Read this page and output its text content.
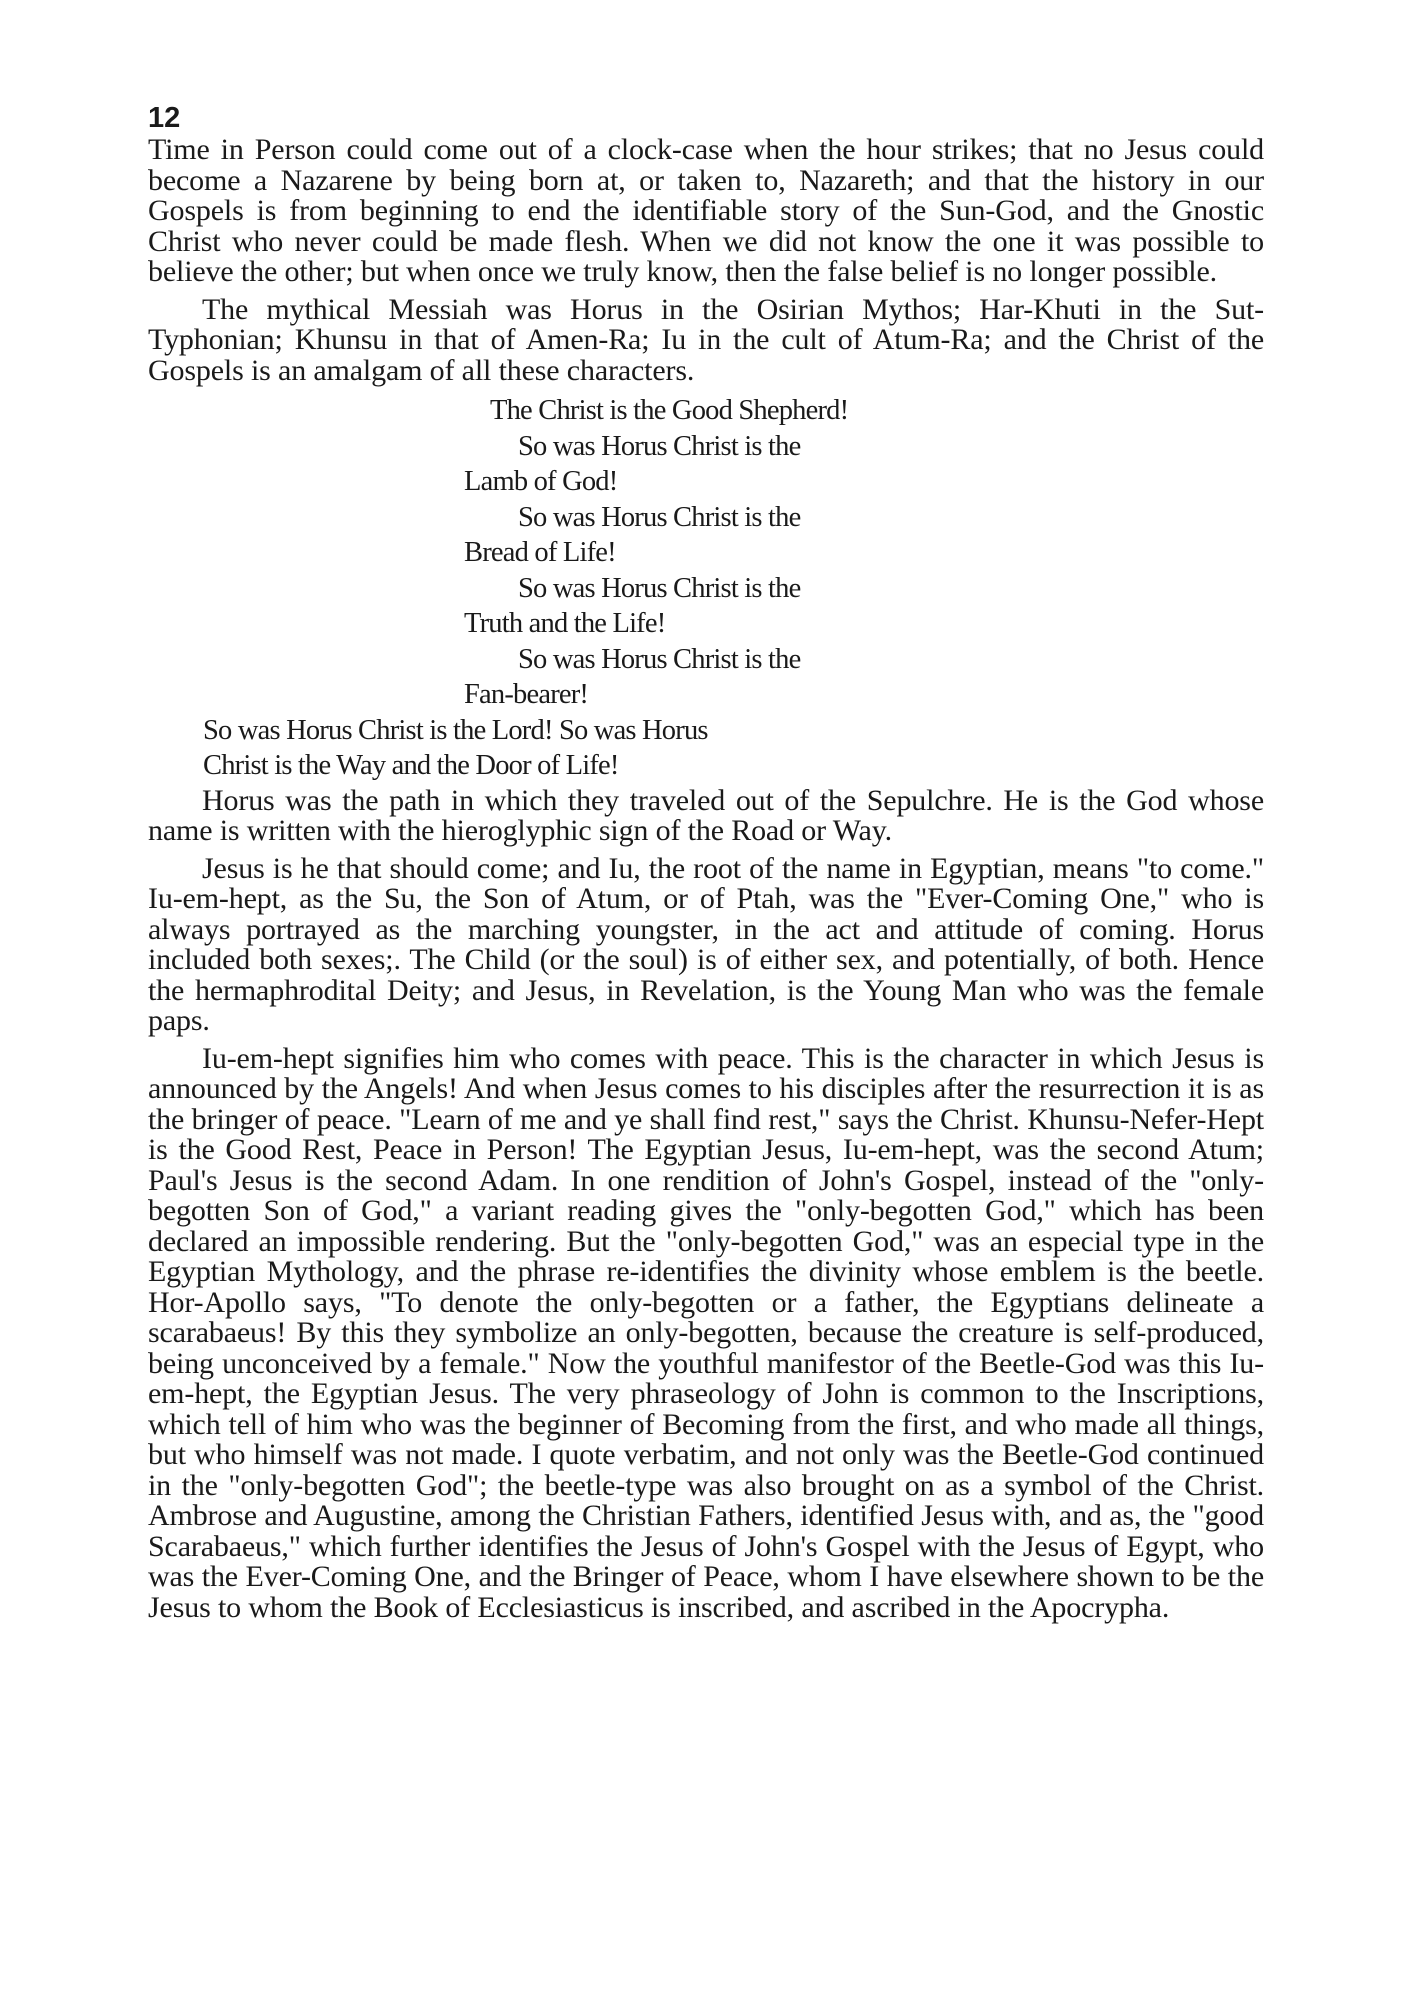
12

Time in Person could come out of a clock-case when the hour strikes; that no Jesus could become a Nazarene by being born at, or taken to, Nazareth; and that the history in our Gospels is from beginning to end the identifiable story of the Sun-God, and the Gnostic Christ who never could be made flesh. When we did not know the one it was possible to believe the other; but when once we truly know, then the false belief is no longer possible.

The mythical Messiah was Horus in the Osirian Mythos; Har-Khuti in the Sut-Typhonian; Khunsu in that of Amen-Ra; Iu in the cult of Atum-Ra; and the Christ of the Gospels is an amalgam of all these characters.

The Christ is the Good Shepherd!
So was Horus Christ is the
Lamb of God!
So was Horus Christ is the
Bread of Life!
So was Horus Christ is the
Truth and the Life!
So was Horus Christ is the
Fan-bearer!
So was Horus Christ is the Lord! So was Horus
Christ is the Way and the Door of Life!

Horus was the path in which they traveled out of the Sepulchre. He is the God whose name is written with the hieroglyphic sign of the Road or Way.

Jesus is he that should come; and Iu, the root of the name in Egyptian, means "to come." Iu-em-hept, as the Su, the Son of Atum, or of Ptah, was the "Ever-Coming One," who is always portrayed as the marching youngster, in the act and attitude of coming. Horus included both sexes;. The Child (or the soul) is of either sex, and potentially, of both. Hence the hermaphrodital Deity; and Jesus, in Revelation, is the Young Man who was the female paps.

Iu-em-hept signifies him who comes with peace. This is the character in which Jesus is announced by the Angels! And when Jesus comes to his disciples after the resurrection it is as the bringer of peace. "Learn of me and ye shall find rest," says the Christ. Khunsu-Nefer-Hept is the Good Rest, Peace in Person! The Egyptian Jesus, Iu-em-hept, was the second Atum; Paul's Jesus is the second Adam. In one rendition of John's Gospel, instead of the "only-begotten Son of God," a variant reading gives the "only-begotten God," which has been declared an impossible rendering. But the "only-begotten God," was an especial type in the Egyptian Mythology, and the phrase re-identifies the divinity whose emblem is the beetle. Hor-Apollo says, "To denote the only-begotten or a father, the Egyptians delineate a scarabaeus! By this they symbolize an only-begotten, because the creature is self-produced, being unconceived by a female." Now the youthful manifestor of the Beetle-God was this Iu-em-hept, the Egyptian Jesus. The very phraseology of John is common to the Inscriptions, which tell of him who was the beginner of Becoming from the first, and who made all things, but who himself was not made. I quote verbatim, and not only was the Beetle-God continued in the "only-begotten God"; the beetle-type was also brought on as a symbol of the Christ. Ambrose and Augustine, among the Christian Fathers, identified Jesus with, and as, the "good Scarabaeus," which further identifies the Jesus of John's Gospel with the Jesus of Egypt, who was the Ever-Coming One, and the Bringer of Peace, whom I have elsewhere shown to be the Jesus to whom the Book of Ecclesiasticus is inscribed, and ascribed in the Apocrypha.
